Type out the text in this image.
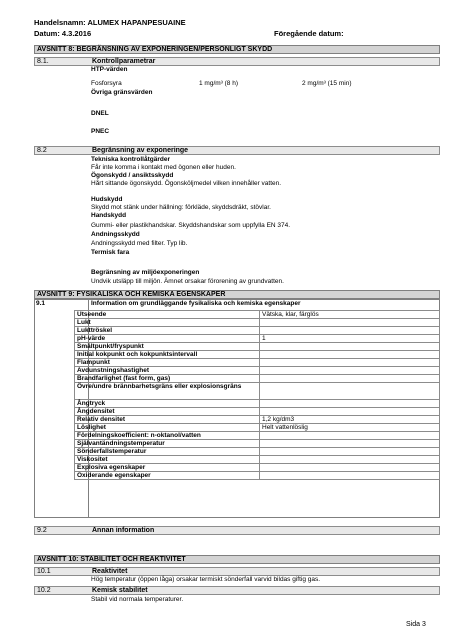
Handelsnamn: ALUMEX HAPANPESUAINE
Datum: 4.3.2016	Föregående datum:
AVSNITT 8: BEGRÄNSNING AV EXPONERINGEN/PERSONLIGT SKYDD
8.1.	Kontrollparametrar
HTP-värden
Fosforsyra	1 mg/m³ (8 h)	2 mg/m³ (15 min)
Övriga gränsvärden
DNEL
PNEC
8.2	Begränsning av exponeringe
Tekniska kontrollåtgärder
Får inte komma i kontakt med ögonen eller huden.
Ögonskydd / ansiktsskydd
Hårt sittande ögonskydd. Ögonsköljmedel vilken innehåller vatten.
Hudskydd
Skydd mot stänk under hällning: förkläde, skyddsdräkt, stövlar.
Handskydd
Gummi- eller plastikhandskar. Skyddshandskar som uppfylla EN 374.
Andningsskydd
Andningsskydd med filter. Typ lib.
Termisk fara
Begränsning av miljöexponeringen
Undvik utsläpp till miljön. Ämnet orsakar förorening av grundvatten.
AVSNITT 9: FYSIKALISKA OCH KEMISKA EGENSKAPER
9.1	Information om grundläggande fysikaliska och kemiska egenskaper
Utseende	Vätska, klar, färglös
Lukt	
Lukttröskel	
pH-värde	1
Smältpunkt/fryspunkt	
Initial kokpunkt och kokpunktsintervall	
Flampunkt	
Avdunstningshastighet	
Brandfarlighet (fast form, gas)	
Övre/undre brännbarhetsgräns eller explosionsgräns	
Ångtryck	
Ångdensitet	
Relativ densitet	1,2 kg/dm3
Löslighet	Helt vattenlöslig
Fördelningskoefficient: n-oktanol/vatten	
Självantändningstemperatur	
Sönderfallstemperatur	
Viskositet	
Explosiva egenskaper	
Oxiderande egenskaper	
9.2	Annan information
AVSNITT 10: STABILITET OCH REAKTIVITET
10.1	Reaktivitet
Hög temperatur (öppen låga) orsakar termiskt sönderfall varvid bildas giftig gas.
10.2	Kemisk stabilitet
Stabil vid normala temperaturer.
Sida 3
